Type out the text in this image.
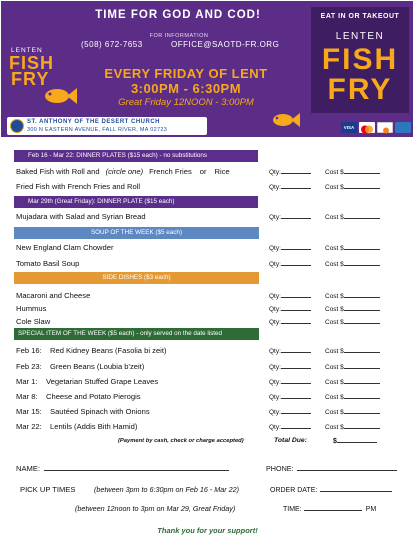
TIME FOR GOD AND COD!
FOR INFORMATION
(508) 672-7653	OFFICE@SAOTD-FR.ORG
LENTEN
FISH
FRY	EVERY FRIDAY OF LENT
3:00PM - 6:30PM
Great Friday 12NOON - 3:00PM
ST. ANTHONY OF THE DESERT CHURCH
300 N EASTERN AVENUE, FALL RIVER, MA 02723
EAT IN OR TAKEOUT
LENTEN
FISH
FRY
VISA
Feb 16 - Mar 22: DINNER PLATES ($15 each) - no substitutions
Baked Fish with Roll and (circle one) French Fries or Rice	Qty:	Cost $
Fried Fish with French Fries and Roll	Qty:	Cost $
Mar 29th (Great Friday): DINNER PLATE ($15 each)
Mujadara with Salad and Syrian Bread	Qty:	Cost $
SOUP OF THE WEEK ($5 each)
New England Clam Chowder	Qty:	Cost $
Tomato Basil Soup	Qty:	Cost $
SIDE DISHES ($3 each)
Macaroni and Cheese	Qty:	Cost $
Hummus	Qty:	Cost $
Cole Slaw	Qty:	Cost $
SPECIAL ITEM OF THE WEEK ($5 each) - only served on the date listed
Feb 16: Red Kidney Beans (Fasolia bi zeit)	Qty:	Cost $
Feb 23: Green Beans (Loubia b'zeit)	Qty:	Cost $
Mar 1: Vegetarian Stuffed Grape Leaves	Qty:	Cost $
Mar 8: Cheese and Potato Pierogis	Qty:	Cost $
Mar 15: Sautéed Spinach with Onions	Qty:	Cost $
Mar 22: Lentils (Addis Bith Hamid)	Qty:	Cost $
(Payment by cash, check or charge accepted)	Total Due:	$
NAME:	PHONE:
PICK UP TIMES	(between 3pm to 6:30pm on Feb 16 - Mar 22)	ORDER DATE:
(between 12noon to 3pm on Mar 29, Great Friday)	TIME:	PM
Thank you for your support!
